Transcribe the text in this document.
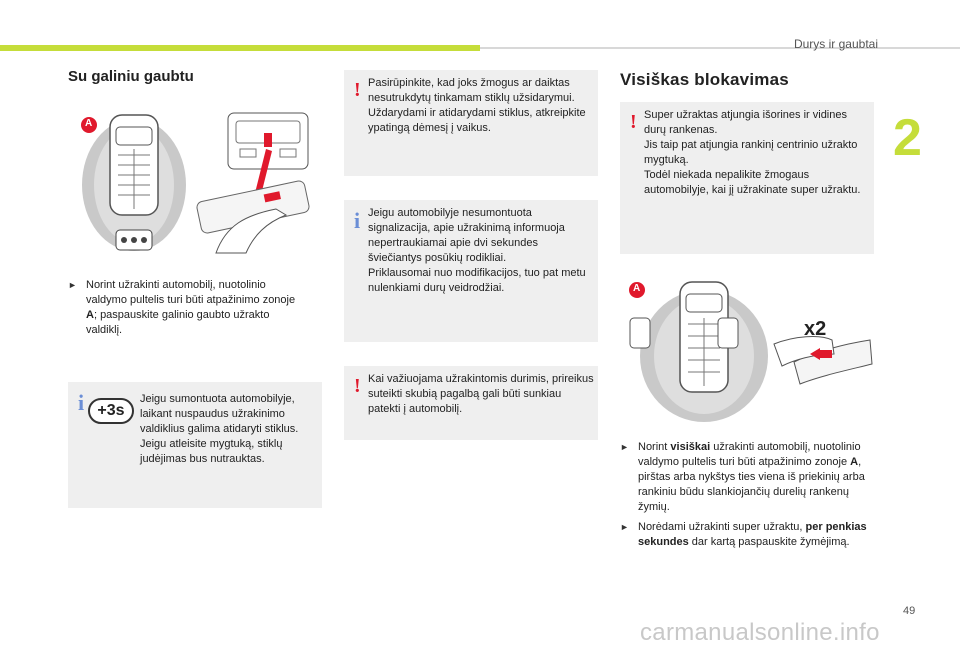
Durys ir gaubtai
2
Su galiniu gaubtu
A
► Norint užrakinti automobilį, nuotolinio valdymo pultelis turi būti atpažinimo zonoje A; paspauskite galinio gaubto užrakto valdiklį.
i	Jeigu sumontuota automobilyje, laikant nuspaudus užrakinimo valdiklius galima atidaryti stiklus.
Jeigu atleisite mygtuką, stiklų judėjimas bus nutrauktas.

+3s
! Pasirūpinkite, kad joks žmogus ar daiktas nesutrukdytų tinkamam stiklų užsidarymui.
Uždarydami ir atidarydami stiklus, atkreipkite ypatingą dėmesį į vaikus.

i Jeigu automobilyje nesumontuota signalizacija, apie užrakinimą informuoja nepertraukiamai apie dvi sekundes šviečiantys posūkių rodikliai.
Priklausomai nuo modifikacijos, tuo pat metu nulenkiami durų veidrodžiai.

! Kai važiuojama užrakintomis durimis, prireikus suteikti skubią pagalbą gali būti sunkiau patekti į automobilį.

Visiškas blokavimas
! Super užraktas atjungia išorines ir vidines durų rankenas.
Jis taip pat atjungia rankinį centrinio užrakto mygtuką.
Todėl niekada nepalikite žmogaus automobilyje, kai jį užrakinate super užraktu.

A
x2
► Norint visiškai užrakinti automobilį, nuotolinio valdymo pultelis turi būti atpažinimo zonoje A, pirštas arba nykštys ties viena iš priekinių arba rankiniu būdu slankiojančių durelių rankenų žymių.
► Norėdami užrakinti super užraktu, per penkias sekundes dar kartą paspauskite žymėjimą.
49
carmanualsonline.info
